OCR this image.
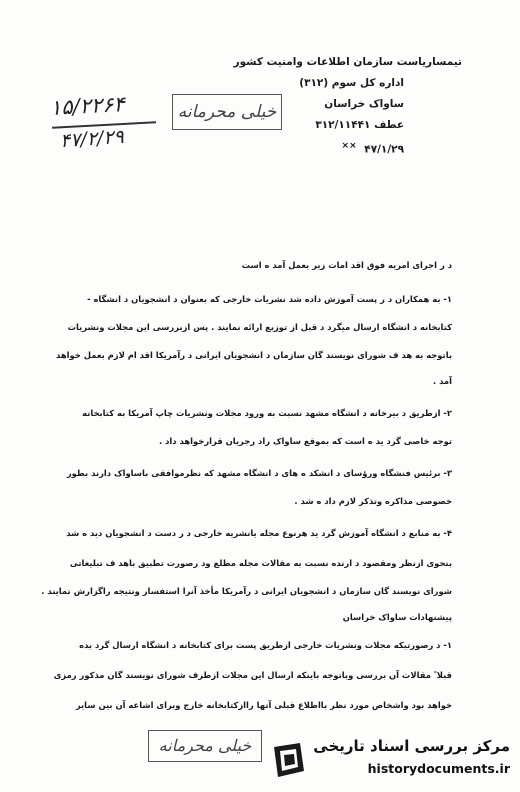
تیمساریاست سازمان اطلاعات وامنیت کشور
اداره کل سوم (۳۱۲)
ساواک خراسان
عطف ۳۱۲/۱۱۴۴۱
۴۷/۱/۲۹ ××
۱۵/۲۲۶۴
۴۷/۲/۲۹
خیلی محرمانه
خیلی محرمانه
د ر اجرای امریه فوق اقد امات زیر بعمل آمد ه است
۱- به همکاران د ر پست آموزش داده شد نشریات خارجی که بعنوان د انشجویان د انشگاه -
کتابخانه د انشگاه ارسال میگرد د قبل از توزیع ارائه نمایند . پس ازبررسی این مجلات ونشریات
باتوجه به هد ف شورای نویسند گان سازمان د انشجویان ایرانی د رآمریکا اقد ام لازم بعمل خواهد
آمد .
۲- ازطریق د بیرخانه د انشگاه مشهد نسبت به ورود مجلات ونشریات چاپ آمریکا به کتابخانه
توجه خاصی گرد ید ه است که بموقع ساواک راد رجریان قرارخواهد داد .
۳- برئیس فنشگاه ورؤسای د انشکد ه های د انشگاه مشهد که نظرموافقی باساواک دارند بطور
خصوصی مذاکره وتذکر لازم داد ه شد .
۴- به منابع د انشگاه آموزش گرد ید هرنوع مجله یانشریه خارجی د ر دست د انشجویان دید ه شد
بنحوی ازنظر ومقصود د ارنده نسبت به مقالات مجله مطلع ود رصورت تطبیق باهد ف تبلیغاتی
شورای نویسند گان سازمان د انشجویان ایرانی د رآمریکا مأخذ آنرا استفسار ونتیجه راگزارش نمایند .
پیشنهادات ساواک خراسان
۱- د رصورتیکه مجلات ونشریات خارجی ازطریق پست برای کتابخانه د انشگاه ارسال گرد یده
قبلا ً مقالات آن بررسی وباتوجه باینکه ارسال این مجلات ازطرف شورای نویسند گان مذکور رمزی
خواهد بود واشخاص مورد نظر بااطلاع قبلی آنها راازکتابخانه خارج وبرای اشاعه آن بین سایر
مرکز بررسی اسناد تاریخی
historydocuments.ir
